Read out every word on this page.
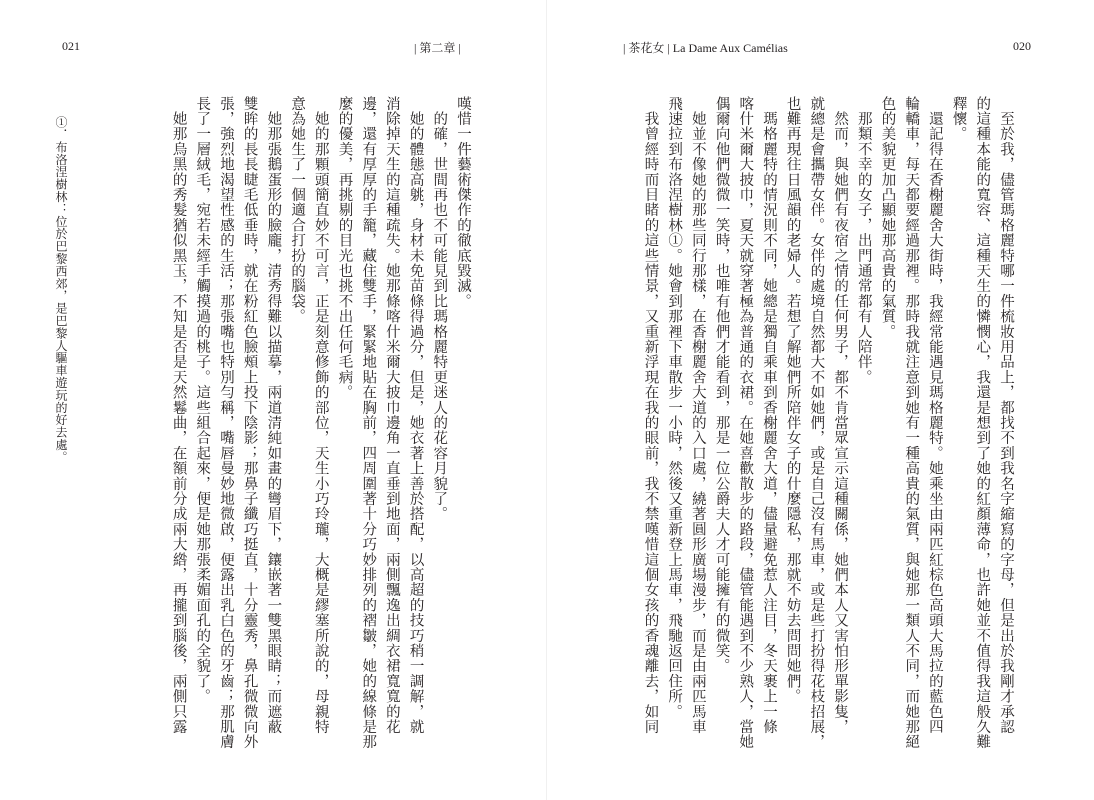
021	| 第二章 |
①．布洛涅樹林：位於巴黎西郊，是巴黎人驅車遊玩的好去處。	嘆惜一件藝術傑作的徹底毀滅。
　的確，世間再也不可能見到比瑪格麗特更迷人的花容月貌了。
　她的體態高䠷，身材未免苗條得過分，但是，她衣著上善於搭配，以高超的技巧稍一調解，就
消除掉天生的這種疏失。她那條喀什米爾大披巾邊角一直垂到地面，兩側飄逸出綢衣裙寬寬的花
邊，還有厚厚的手籠，藏住雙手，緊緊地貼在胸前，四周圍著十分巧妙排列的褶皺，她的線條是那
麼的優美，再挑剔的目光也挑不出任何毛病。
　她的那顆頭簡直妙不可言，正是刻意修飾的部位，天生小巧玲瓏，大概是繆塞所說的，母親特
意為她生了一個適合打扮的腦袋。
　她那張鵝蛋形的臉龐，清秀得難以描摹，兩道清純如畫的彎眉下，鑲嵌著一雙黑眼睛；而遮蔽
雙眸的長長睫毛低垂時，就在粉紅色臉頰上投下陰影；那鼻子纖巧挺直，十分靈秀，鼻孔微微向外
張，強烈地渴望性感的生活；那張嘴也特別勻稱，嘴唇曼妙地微啟，便露出乳白色的牙齒；那肌膚
長了一層絨毛，宛若未經手觸摸過的桃子。這些組合起來，便是她那張柔媚面孔的全貌了。
　她那烏黑的秀髮猶似黑玉，不知是否是天然鬈曲，在額前分成兩大綹，再攏到腦後，兩側只露
| 茶花女 | La Dame Aux Camélias	020
　至於我，儘管瑪格麗特哪一件梳妝用品上，都找不到我名字縮寫的字母，但是出於我剛才承認
的這種本能的寬容、這種天生的憐憫心，我還是想到了她的紅顏薄命，也許她並不值得我這般久難
釋懷。
　還記得在香榭麗舍大街時，我經常能遇見瑪格麗特。她乘坐由兩匹紅棕色高頭大馬拉的藍色四
輪轎車，每天都要經過那裡。那時我就注意到她有一種高貴的氣質，與她那一類人不同，而她那絕
色的美貌更加凸顯她那高貴的氣質。
　那類不幸的女子，出門通常都有人陪伴。
　然而，與她們有夜宿之情的任何男子，都不肯當眾宣示這種關係，她們本人又害怕形單影隻，
就總是會攜帶女伴。女伴的處境自然都大不如她們，或是自己沒有馬車，或是些打扮得花枝招展，
也難再現往日風韻的老婦人。若想了解她們所陪伴女子的什麼隱私，那就不妨去問問她們。
　瑪格麗特的情況則不同，她總是獨自乘車到香榭麗舍大道，儘量避免惹人注目，冬天裹上一條
喀什米爾大披巾，夏天就穿著極為普通的衣裙。在她喜歡散步的路段，儘管能遇到不少熟人，當她
偶爾向他們微微一笑時，也唯有他們才能看到，那是一位公爵夫人才可能擁有的微笑。
　她並不像她的那些同行那樣，在香榭麗舍大道的入口處，繞著圓形廣場漫步，而是由兩匹馬車
飛速拉到布洛涅樹林①。她會到那裡下車散步一小時，然後又重新登上馬車，飛馳返回住所。
　我曾經時而目睹的這些情景，又重新浮現在我的眼前，我不禁嘆惜這個女孩的香魂離去，如同
